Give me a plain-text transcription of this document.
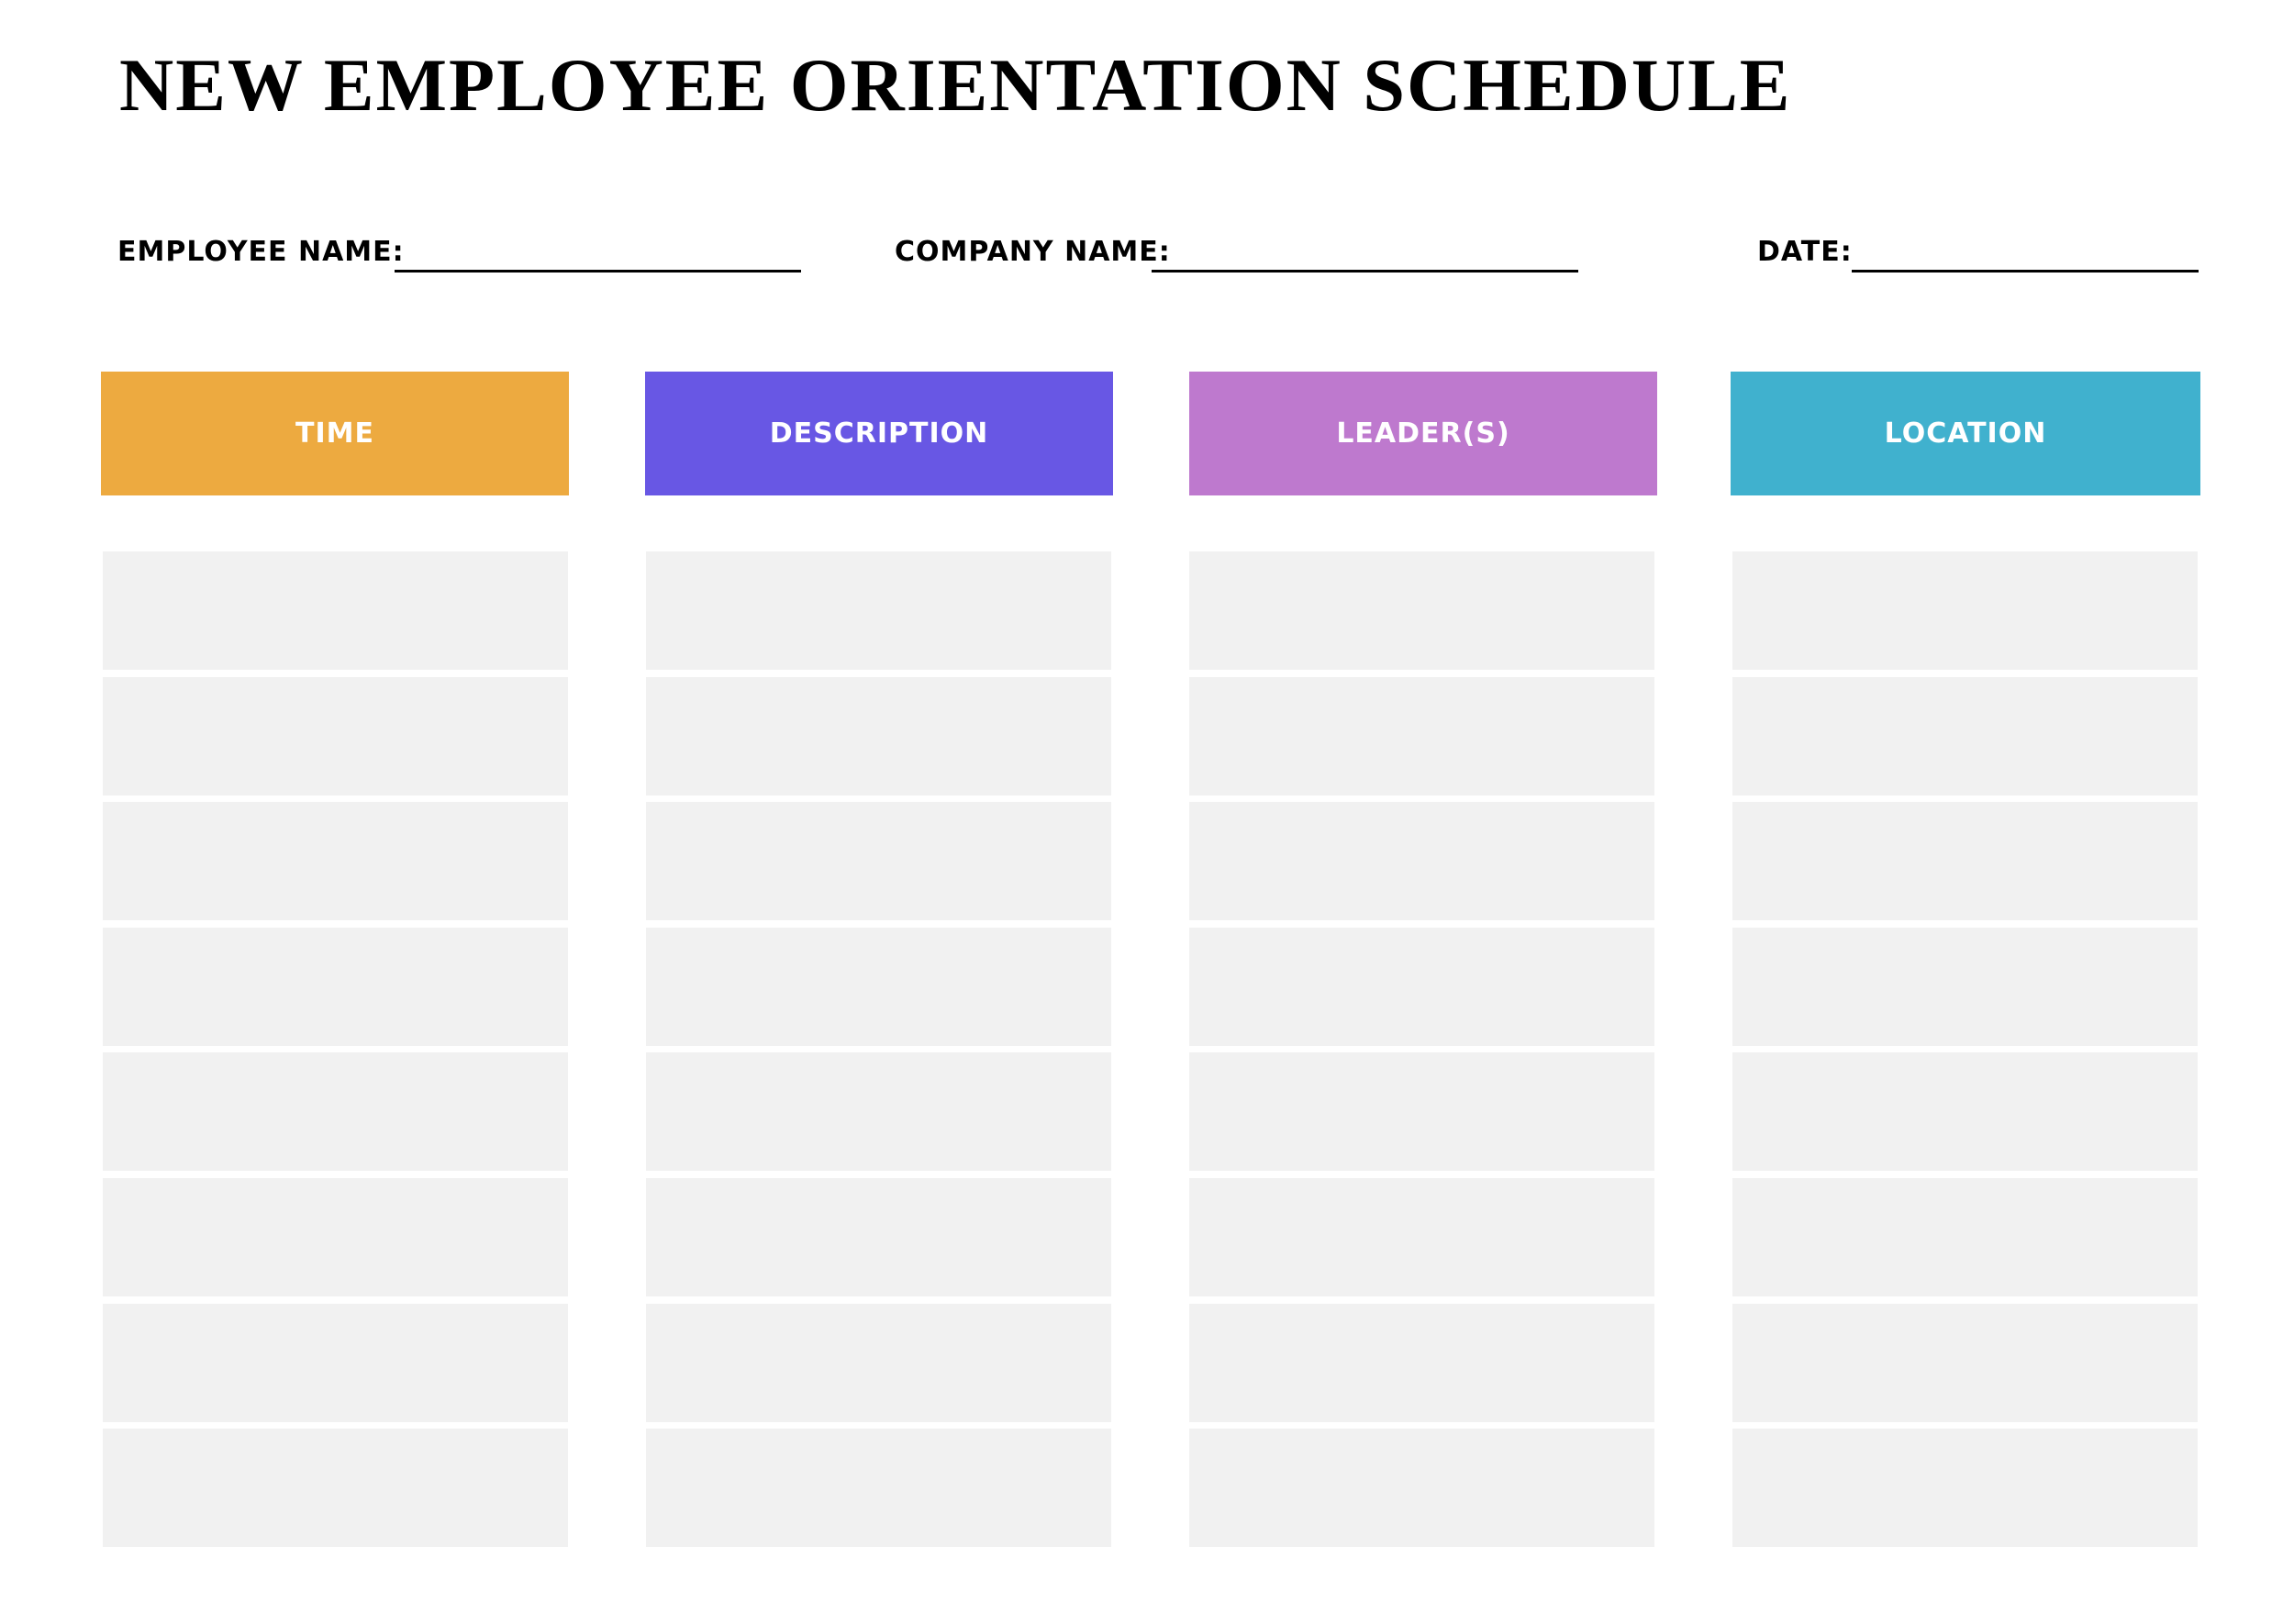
NEW EMPLOYEE ORIENTATION SCHEDULE
EMPLOYEE NAME:	COMPANY NAME:	DATE:
TIME	DESCRIPTION	LEADER(S)	LOCATION
